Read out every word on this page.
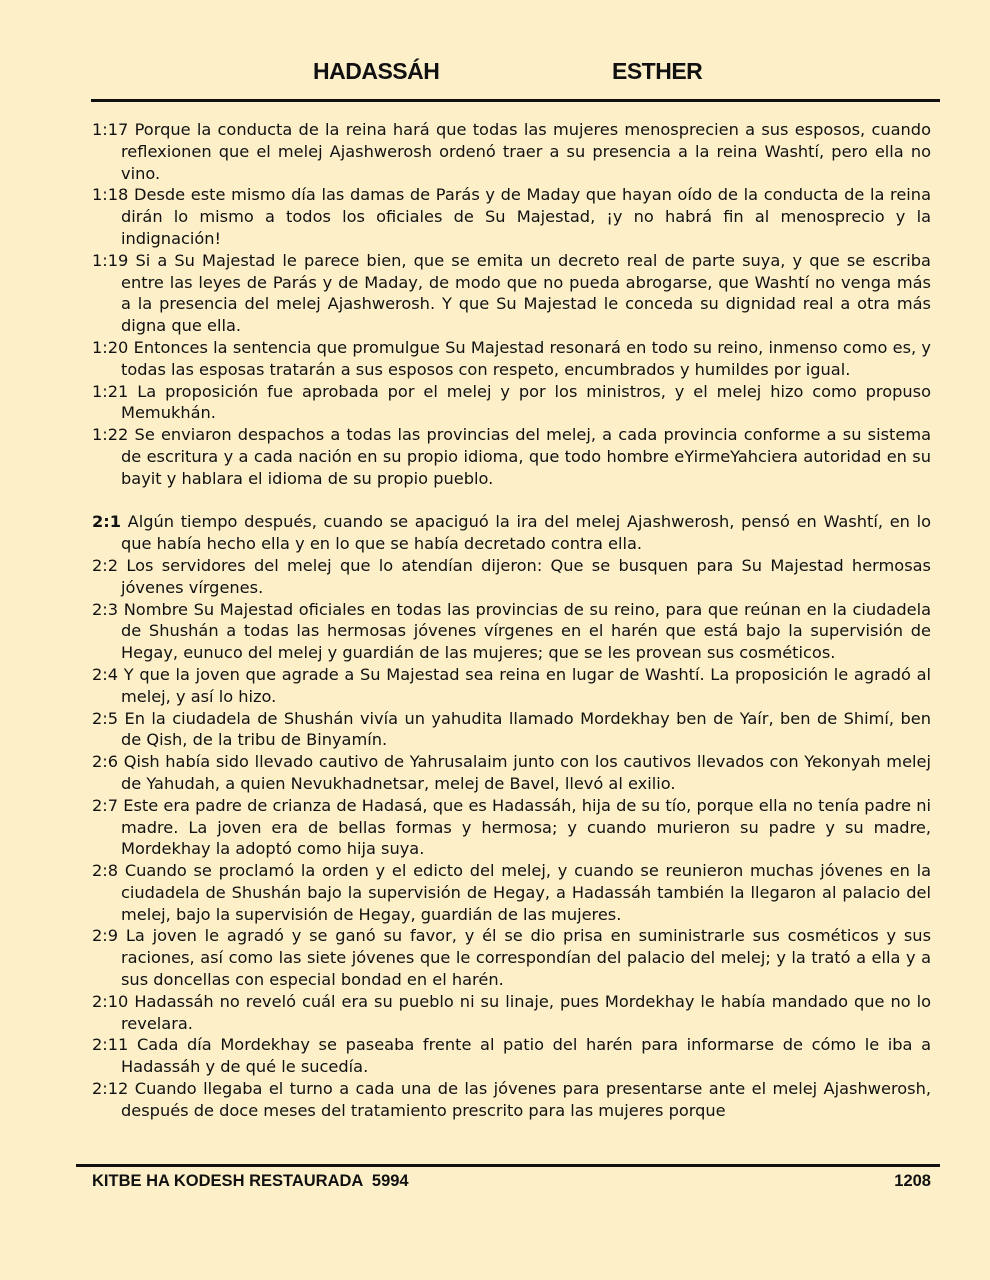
HADASSÁH	ESTHER

1:17 Porque la conducta de la reina hará que todas las mujeres menosprecien a sus esposos, cuando reflexionen que el melej Ajashwerosh ordenó traer a su presencia a la reina Washtí, pero ella no vino.

1:18 Desde este mismo día las damas de Parás y de Maday que hayan oído de la conducta de la reina dirán lo mismo a todos los oficiales de Su Majestad, ¡y no habrá fin al menosprecio y la indignación!

1:19 Si a Su Majestad le parece bien, que se emita un decreto real de parte suya, y que se escriba entre las leyes de Parás y de Maday, de modo que no pueda abrogarse, que Washtí no venga más a la presencia del melej Ajashwerosh. Y que Su Majestad le conceda su dignidad real a otra más digna que ella.

1:20 Entonces la sentencia que promulgue Su Majestad resonará en todo su reino, inmenso como es, y todas las esposas tratarán a sus esposos con respeto, encumbrados y humildes por igual.

1:21 La proposición fue aprobada por el melej y por los ministros, y el melej hizo como propuso Memukhán.

1:22 Se enviaron despachos a todas las provincias del melej, a cada provincia conforme a su sistema de escritura y a cada nación en su propio idioma, que todo hombre eYirmeYahciera autoridad en su bayit y hablara el idioma de su propio pueblo.

2:1 Algún tiempo después, cuando se apaciguó la ira del melej Ajashwerosh, pensó en Washtí, en lo que había hecho ella y en lo que se había decretado contra ella.

2:2 Los servidores del melej que lo atendían dijeron: Que se busquen para Su Majestad hermosas jóvenes vírgenes.

2:3 Nombre Su Majestad oficiales en todas las provincias de su reino, para que reúnan en la ciudadela de Shushán a todas las hermosas jóvenes vírgenes en el harén que está bajo la supervisión de Hegay, eunuco del melej y guardián de las mujeres; que se les provean sus cosméticos.

2:4 Y que la joven que agrade a Su Majestad sea reina en lugar de Washtí. La proposición le agradó al melej, y así lo hizo.

2:5 En la ciudadela de Shushán vivía un yahudita llamado Mordekhay ben de Yaír, ben de Shimí, ben de Qish, de la tribu de Binyamín.

2:6 Qish había sido llevado cautivo de Yahrusalaim junto con los cautivos llevados con Yekonyah melej de Yahudah, a quien Nevukhadnetsar, melej de Bavel, llevó al exilio.

2:7 Este era padre de crianza de Hadasá, que es Hadassáh, hija de su tío, porque ella no tenía padre ni madre. La joven era de bellas formas y hermosa; y cuando murieron su padre y su madre, Mordekhay la adoptó como hija suya.

2:8 Cuando se proclamó la orden y el edicto del melej, y cuando se reunieron muchas jóvenes en la ciudadela de Shushán bajo la supervisión de Hegay, a Hadassáh también la llegaron al palacio del melej, bajo la supervisión de Hegay, guardián de las mujeres.

2:9 La joven le agradó y se ganó su favor, y él se dio prisa en suministrarle sus cosméticos y sus raciones, así como las siete jóvenes que le correspondían del palacio del melej; y la trató a ella y a sus doncellas con especial bondad en el harén.

2:10 Hadassáh no reveló cuál era su pueblo ni su linaje, pues Mordekhay le había mandado que no lo revelara.

2:11 Cada día Mordekhay se paseaba frente al patio del harén para informarse de cómo le iba a Hadassáh y de qué le sucedía.

2:12 Cuando llegaba el turno a cada una de las jóvenes para presentarse ante el melej Ajashwerosh, después de doce meses del tratamiento prescrito para las mujeres porque

KITBE HA KODESH RESTAURADA  5994	1208
